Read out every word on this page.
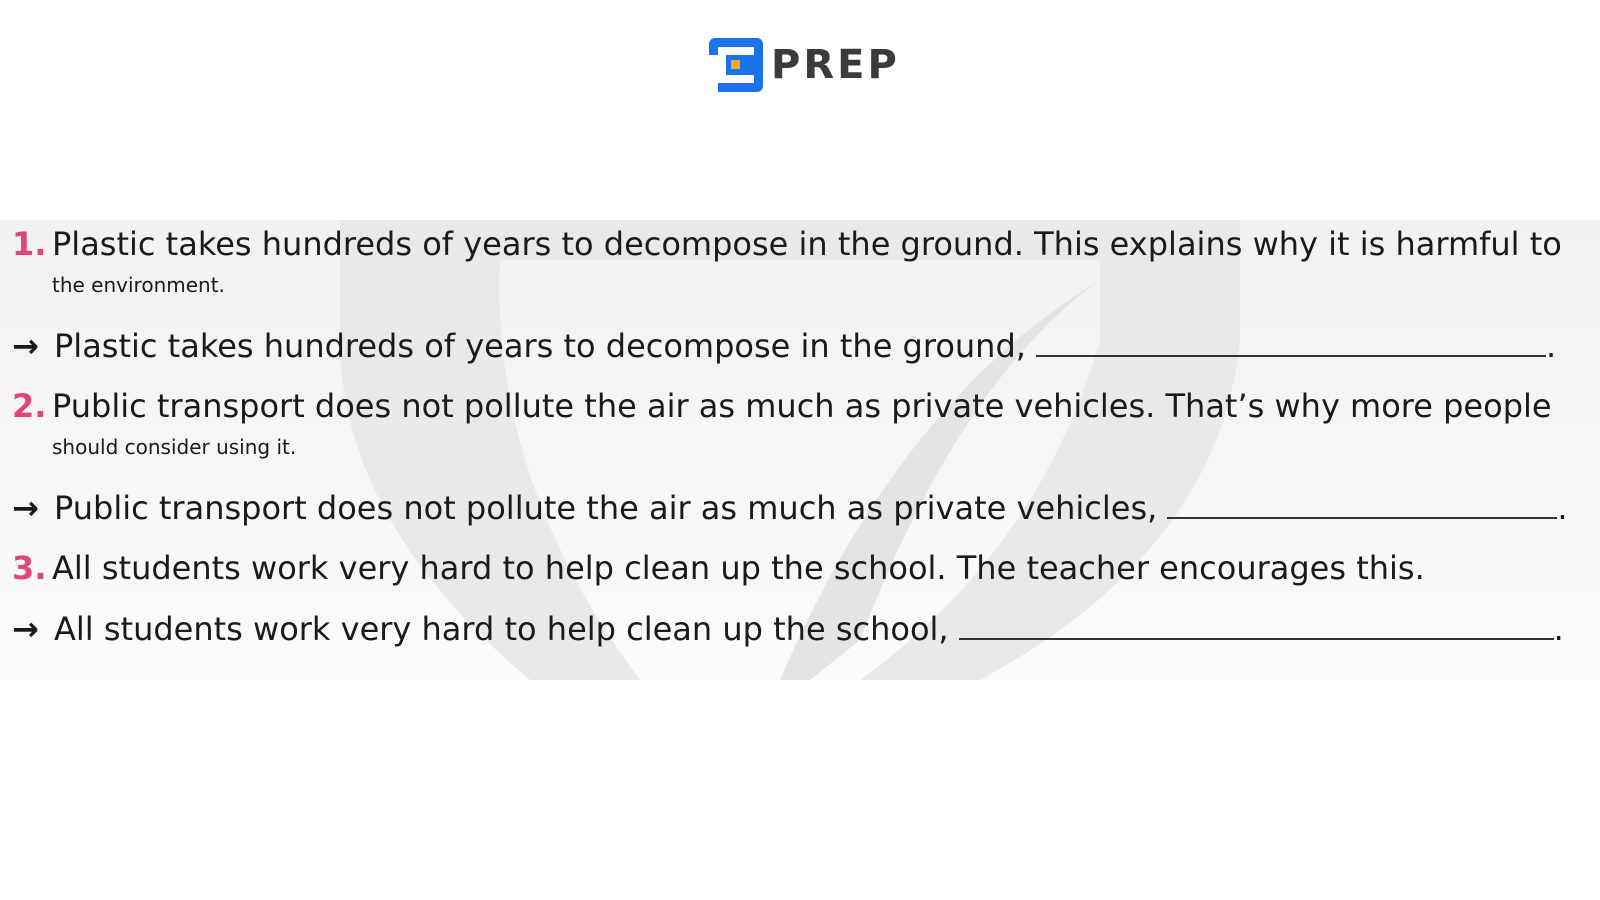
PREP
1. Plastic takes hundreds of years to decompose in the ground. This explains why it is harmful to
the environment.
→ Plastic takes hundreds of years to decompose in the ground,	.
2. Public transport does not pollute the air as much as private vehicles. That’s why more people
should consider using it.
→ Public transport does not pollute the air as much as private vehicles,	.
3. All students work very hard to help clean up the school. The teacher encourages this.
→ All students work very hard to help clean up the school,	.
